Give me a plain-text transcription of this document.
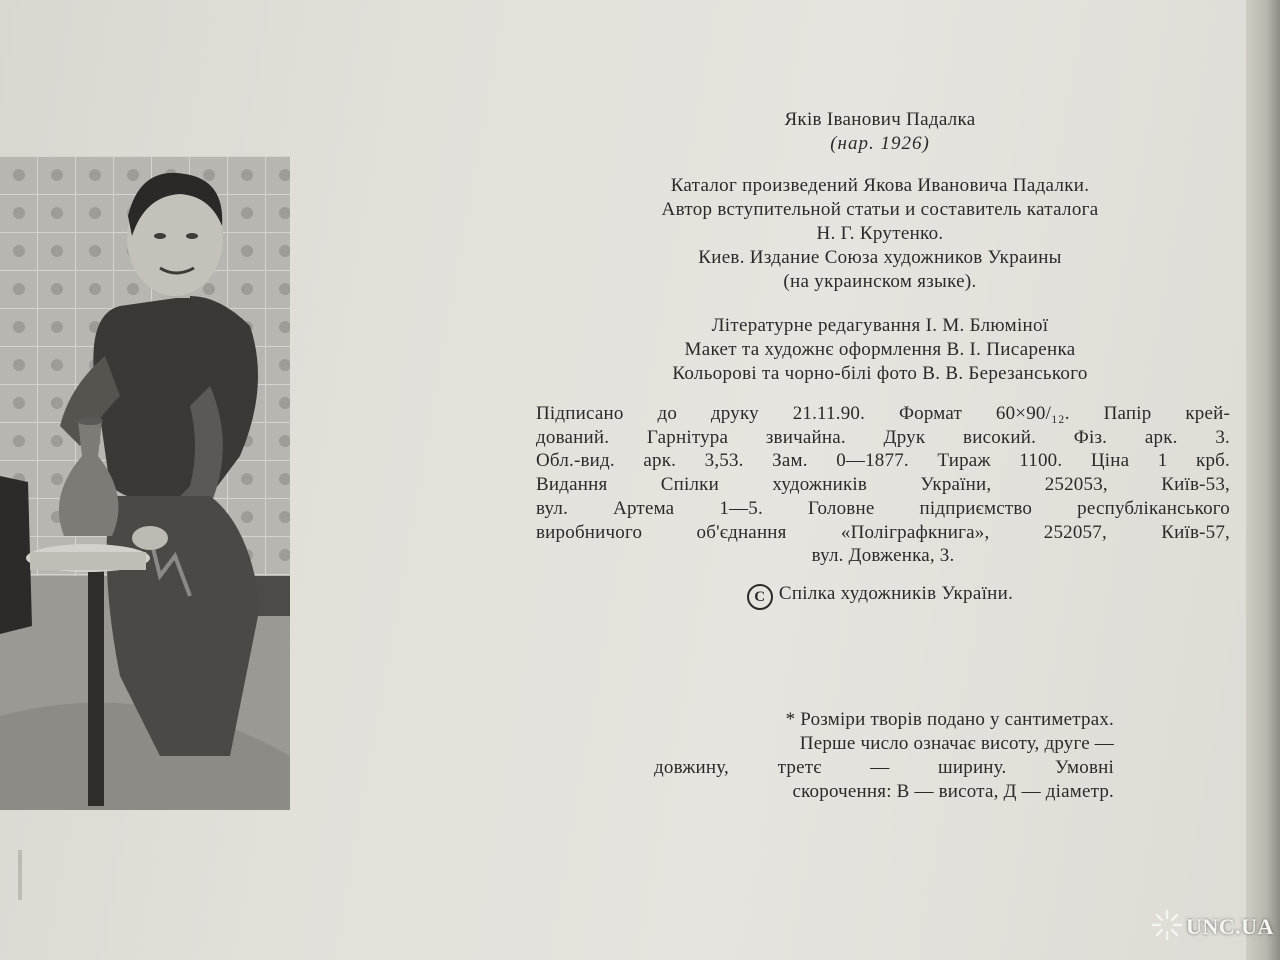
Яків Іванович Падалка
(нар. 1926)
Каталог произведений Якова Ивановича Падалки.
Автор вступительной статьи и составитель каталога
Н. Г. Крутенко.
Киев. Издание Союза художников Украины
(на украинском языке).
Літературне редагування І. М. Блюміної
Макет та художнє оформлення В. І. Писаренка
Кольорові та чорно-білі фото В. В. Березанського
Підписано до друку 21.11.90. Формат 60×90/₁₂. Папір крей-
дований. Гарнітура звичайна. Друк високий. Фіз. арк. 3.
Обл.-вид. арк. 3,53. Зам. 0—1877. Тираж 1100. Ціна 1 крб.
Видання Спілки художників України, 252053, Київ-53,
вул. Артема 1—5. Головне підприємство республіканського
виробничого об'єднання «Поліграфкнига», 252057, Київ-57,
вул. Довженка, 3.
C Спілка художників України.
* Розміри творів подано у сантиметрах.
Перше число означає висоту, друге —
довжину, третє — ширину. Умовні
скорочення: В — висота, Д — діаметр.
UNC.UA
